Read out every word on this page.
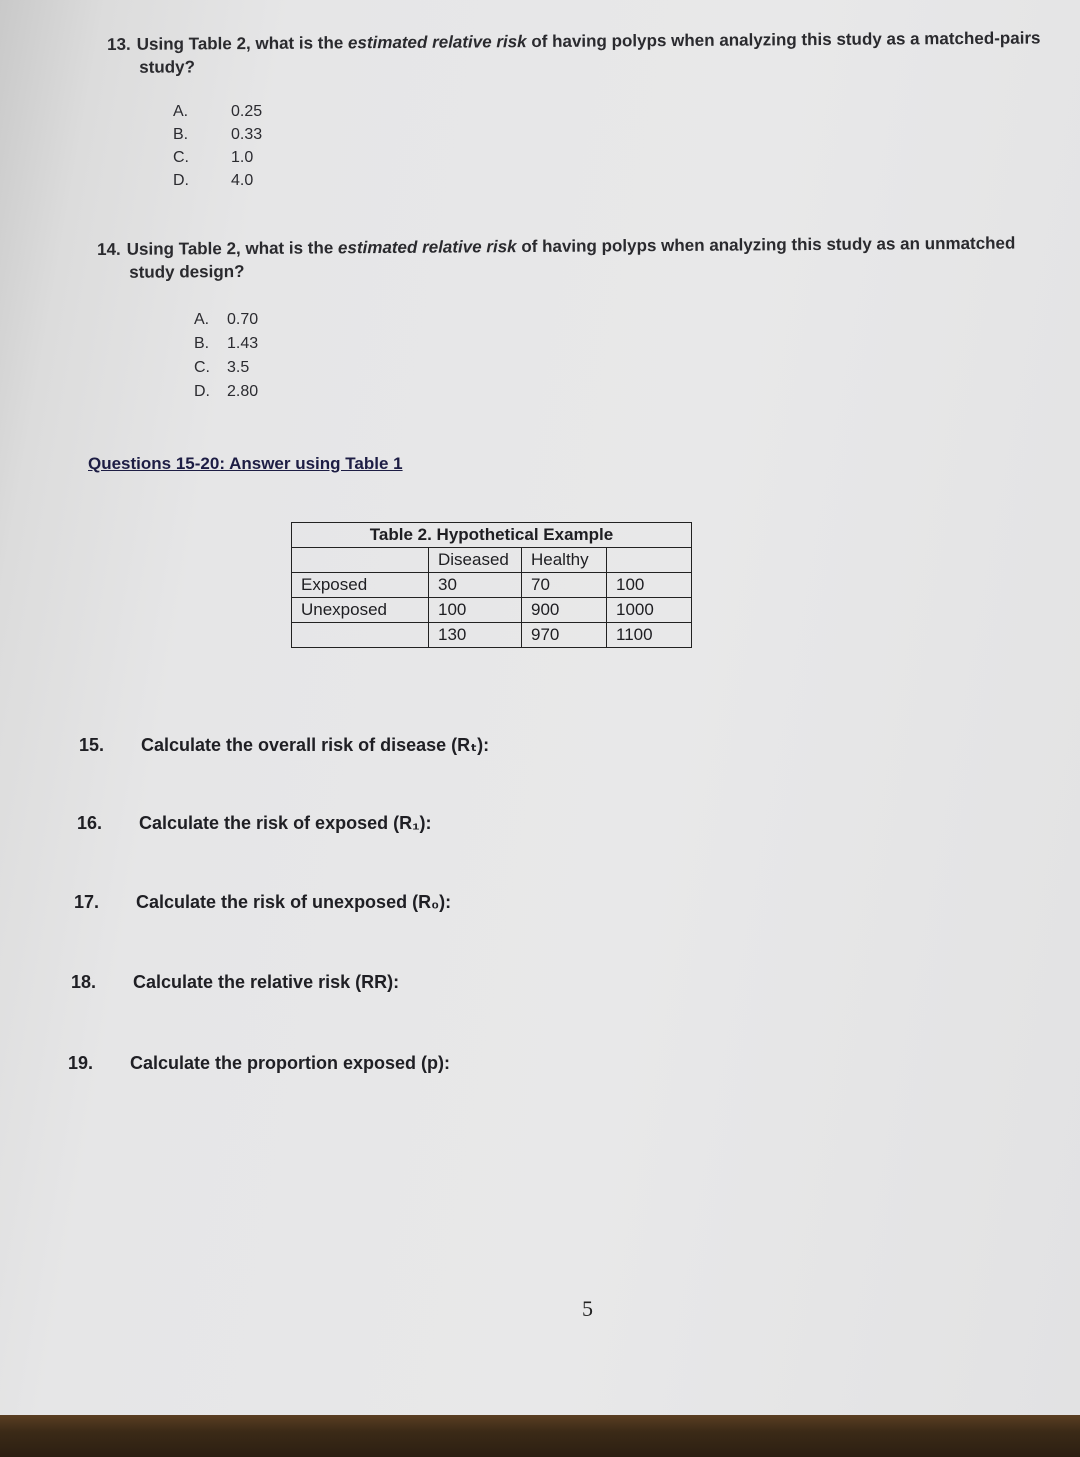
13. Using Table 2, what is the estimated relative risk of having polyps when analyzing this study as a matched-pairs
study?
A.	0.25
B.	0.33
C.	1.0
D.	4.0
14. Using Table 2, what is the estimated relative risk of having polyps when analyzing this study as an unmatched
study design?
A.	0.70
B.	1.43
C.	3.5
D.	2.80
Questions 15-20: Answer using Table 1
Table 2. Hypothetical Example			
	Diseased	Healthy	
Exposed	30	70	100
Unexposed	100	900	1000
	130	970	1100
15.	Calculate the overall risk of disease (Rₜ):
16.	Calculate the risk of exposed (R₁):
17.	Calculate the risk of unexposed (R₀):
18.	Calculate the relative risk (RR):
19.	Calculate the proportion exposed (p):
5
